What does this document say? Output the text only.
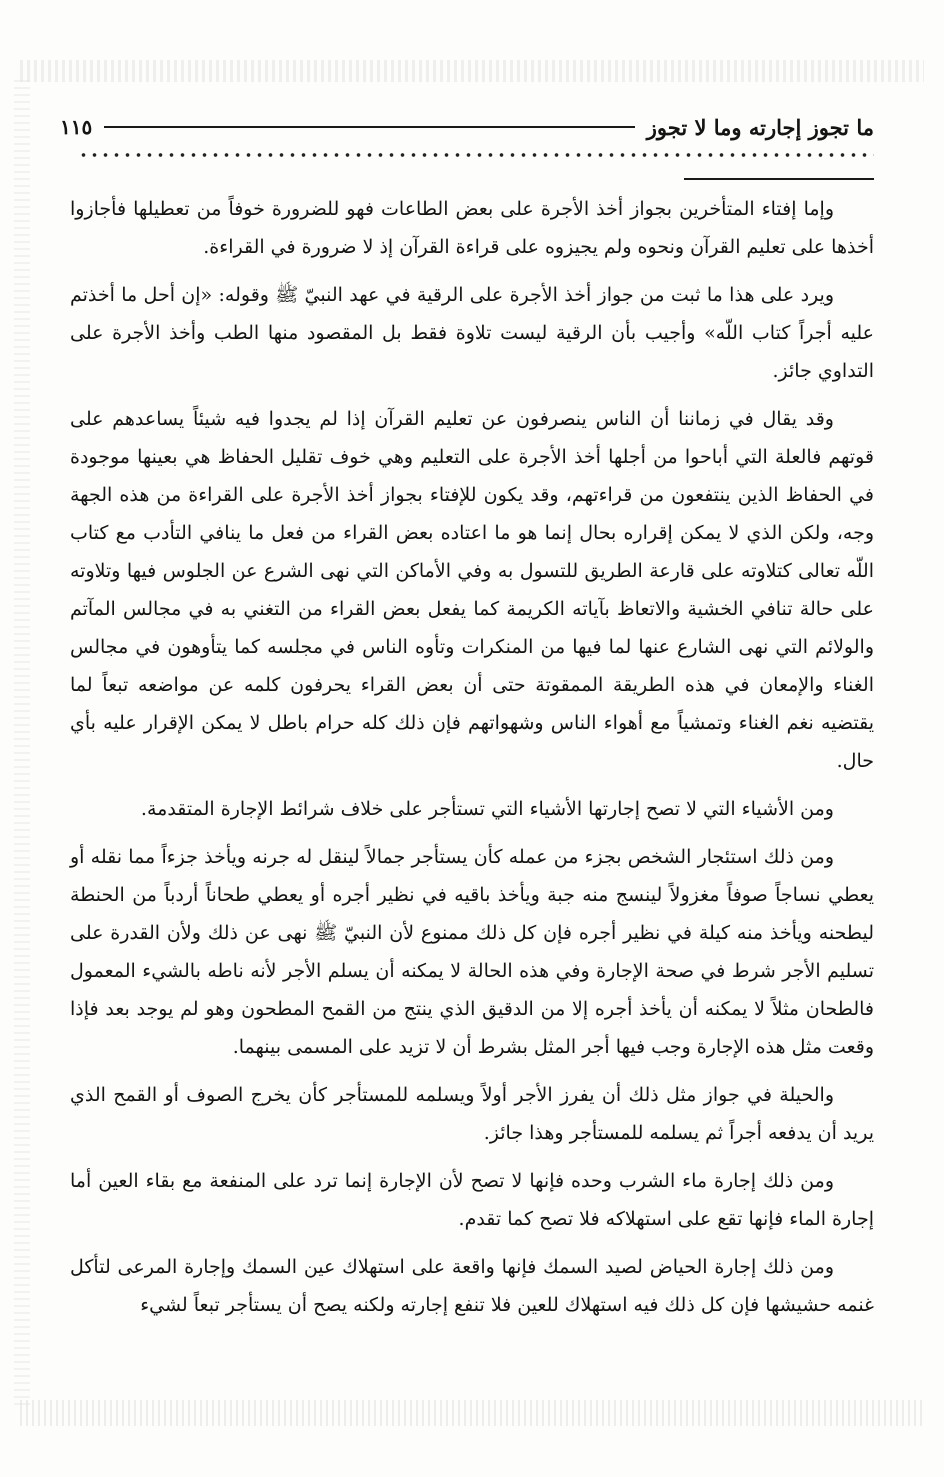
ما تجوز إجارته وما لا تجوز
١١٥

وإما إفتاء المتأخرين بجواز أخذ الأجرة على بعض الطاعات فهو للضرورة خوفاً من تعطيلها فأجازوا أخذها على تعليم القرآن ونحوه ولم يجيزوه على قراءة القرآن إذ لا ضرورة في القراءة.

ويرد على هذا ما ثبت من جواز أخذ الأجرة على الرقية في عهد النبيّ ﷺ وقوله: «إن أحل ما أخذتم عليه أجراً كتاب اللّه» وأجيب بأن الرقية ليست تلاوة فقط بل المقصود منها الطب وأخذ الأجرة على التداوي جائز.

وقد يقال في زماننا أن الناس ينصرفون عن تعليم القرآن إذا لم يجدوا فيه شيئاً يساعدهم على قوتهم فالعلة التي أباحوا من أجلها أخذ الأجرة على التعليم وهي خوف تقليل الحفاظ هي بعينها موجودة في الحفاظ الذين ينتفعون من قراءتهم، وقد يكون للإفتاء بجواز أخذ الأجرة على القراءة من هذه الجهة وجه، ولكن الذي لا يمكن إقراره بحال إنما هو ما اعتاده بعض القراء من فعل ما ينافي التأدب مع كتاب اللّه تعالى كتلاوته على قارعة الطريق للتسول به وفي الأماكن التي نهى الشرع عن الجلوس فيها وتلاوته على حالة تنافي الخشية والاتعاظ بآياته الكريمة كما يفعل بعض القراء من التغني به في مجالس المآتم والولائم التي نهى الشارع عنها لما فيها من المنكرات وتأوه الناس في مجلسه كما يتأوهون في مجالس الغناء والإمعان في هذه الطريقة الممقوتة حتى أن بعض القراء يحرفون كلمه عن مواضعه تبعاً لما يقتضيه نغم الغناء وتمشياً مع أهواء الناس وشهواتهم فإن ذلك كله حرام باطل لا يمكن الإقرار عليه بأي حال.

ومن الأشياء التي لا تصح إجارتها الأشياء التي تستأجر على خلاف شرائط الإجارة المتقدمة.

ومن ذلك استئجار الشخص بجزء من عمله كأن يستأجر جمالاً لينقل له جرنه ويأخذ جزءاً مما نقله أو يعطي نساجاً صوفاً مغزولاً لينسج منه جبة ويأخذ باقيه في نظير أجره أو يعطي طحاناً أردباً من الحنطة ليطحنه ويأخذ منه كيلة في نظير أجره فإن كل ذلك ممنوع لأن النبيّ ﷺ نهى عن ذلك ولأن القدرة على تسليم الأجر شرط في صحة الإجارة وفي هذه الحالة لا يمكنه أن يسلم الأجر لأنه ناطه بالشيء المعمول فالطحان مثلاً لا يمكنه أن يأخذ أجره إلا من الدقيق الذي ينتج من القمح المطحون وهو لم يوجد بعد فإذا وقعت مثل هذه الإجارة وجب فيها أجر المثل بشرط أن لا تزيد على المسمى بينهما.

والحيلة في جواز مثل ذلك أن يفرز الأجر أولاً ويسلمه للمستأجر كأن يخرج الصوف أو القمح الذي يريد أن يدفعه أجراً ثم يسلمه للمستأجر وهذا جائز.

ومن ذلك إجارة ماء الشرب وحده فإنها لا تصح لأن الإجارة إنما ترد على المنفعة مع بقاء العين أما إجارة الماء فإنها تقع على استهلاكه فلا تصح كما تقدم.

ومن ذلك إجارة الحياض لصيد السمك فإنها واقعة على استهلاك عين السمك وإجارة المرعى لتأكل غنمه حشيشها فإن كل ذلك فيه استهلاك للعين فلا تنفع إجارته ولكنه يصح أن يستأجر تبعاً لشيء
